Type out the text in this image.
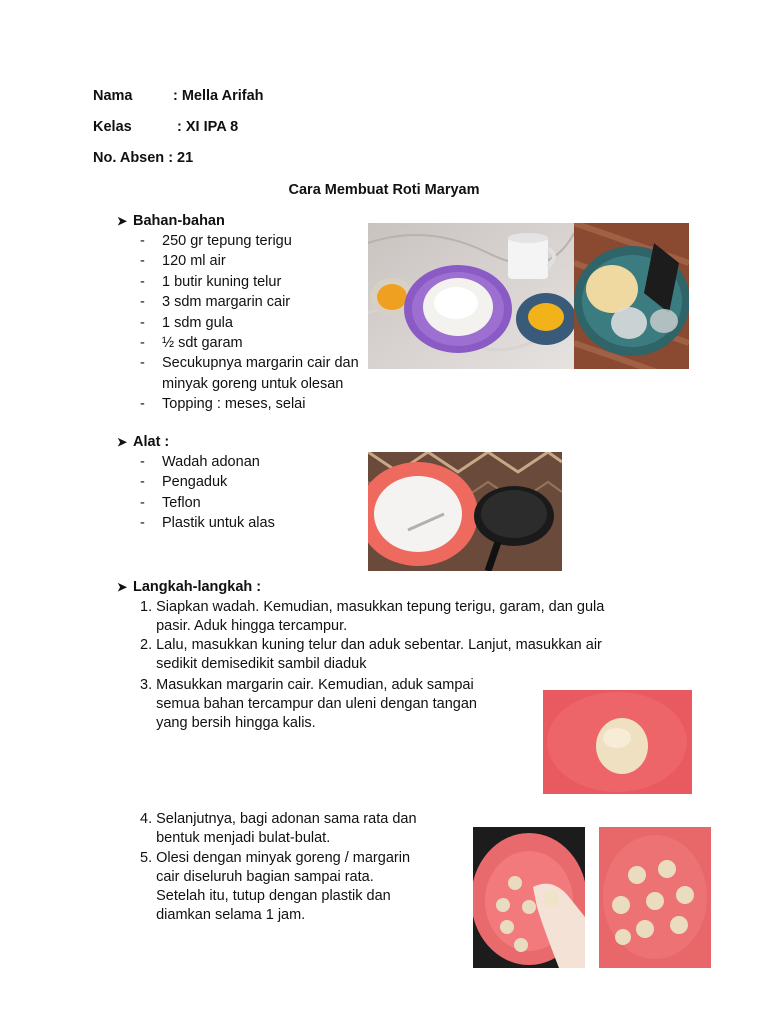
Nama	: Mella Arifah
Kelas	: XI IPA 8
No. Absen : 21
Cara Membuat Roti Maryam
➤ Bahan-bahan
- 250 gr tepung terigu
- 120 ml air
- 1 butir kuning telur
- 3 sdm margarin cair
- 1 sdm gula
- ½ sdt garam
- Secukupnya margarin cair dan
minyak goreng untuk olesan
- Topping : meses, selai
➤ Alat :
- Wadah adonan
- Pengaduk
- Teflon
- Plastik untuk alas
➤ Langkah-langkah :
1. Siapkan wadah. Kemudian, masukkan tepung terigu, garam, dan gula
pasir. Aduk hingga tercampur.
2. Lalu, masukkan kuning telur dan aduk sebentar. Lanjut, masukkan air
sedikit demisedikit sambil diaduk
3. Masukkan margarin cair. Kemudian, aduk sampai
semua bahan tercampur dan uleni dengan tangan
yang bersih hingga kalis.
4. Selanjutnya, bagi adonan sama rata dan
bentuk menjadi bulat-bulat.
5. Olesi dengan minyak goreng / margarin
cair diseluruh bagian sampai rata.
Setelah itu, tutup dengan plastik dan
diamkan selama 1 jam.
